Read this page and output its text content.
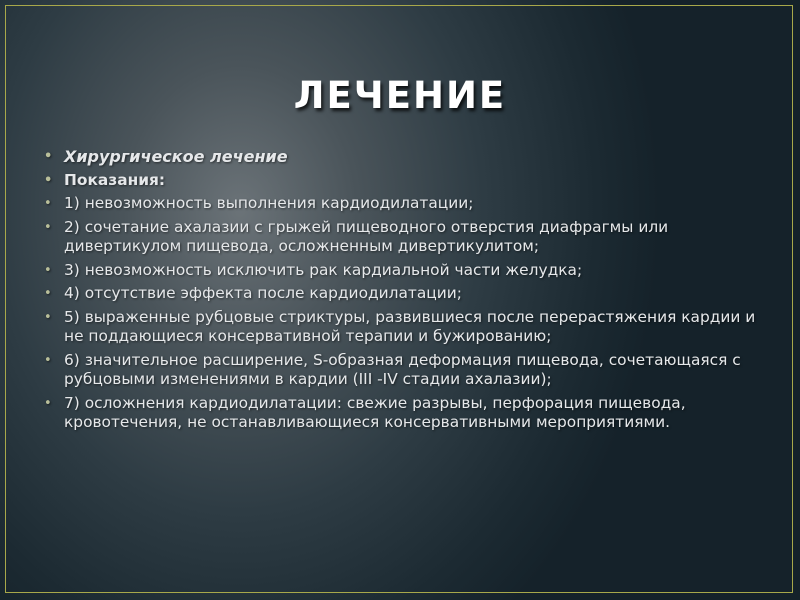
ЛЕЧЕНИЕ
• Хирургическое лечение
• Показания:
• 1) невозможность выполнения кардиодилатации;
• 2) сочетание ахалазии с грыжей пищеводного отверстия диафрагмы или дивертикулом пищевода, осложненным дивертикулитом;
• 3) невозможность исключить рак кардиальной части желудка;
• 4) отсутствие эффекта после кардиодилатации;
• 5) выраженные рубцовые стриктуры, развившиеся после перерастяжения кардии и не поддающиеся консервативной терапии и бужированию;
• 6) значительное расширение, S-образная деформация пищевода, сочетающаяся с рубцовыми изменениями в кардии (III -IV стадии ахалазии);
• 7) осложнения кардиодилатации: свежие разрывы, перфорация пищевода, кровотечения, не останавливающиеся консервативными мероприятиями.
